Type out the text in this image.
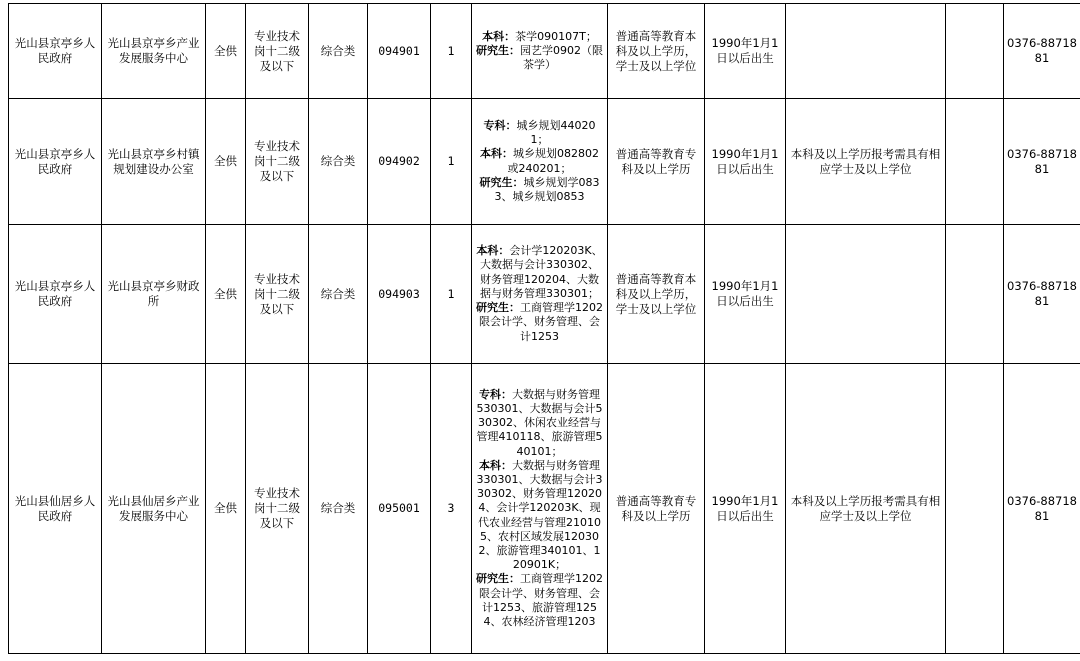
光山县京亭乡人民政府	光山县京亭乡产业发展服务中心	全供	专业技术岗十二级及以下	综合类	094901	1	本科：茶学090107T；
研究生：园艺学0902（限茶学）	普通高等教育本科及以上学历，学士及以上学位	1990年1月1日以后出生			0376-8871881
光山县京亭乡人民政府	光山县京亭乡村镇规划建设办公室	全供	专业技术岗十二级及以下	综合类	094902	1	专科：城乡规划440201；
本科：城乡规划082802或240201；
研究生：城乡规划学0833、城乡规划0853	普通高等教育专科及以上学历	1990年1月1日以后出生	本科及以上学历报考需具有相应学士及以上学位		0376-8871881
光山县京亭乡人民政府	光山县京亭乡财政所	全供	专业技术岗十二级及以下	综合类	094903	1	本科：会计学120203K、大数据与会计330302、财务管理120204、大数据与财务管理330301；
研究生：工商管理学1202限会计学、财务管理、会计1253	普通高等教育本科及以上学历，学士及以上学位	1990年1月1日以后出生			0376-8871881
光山县仙居乡人民政府	光山县仙居乡产业发展服务中心	全供	专业技术岗十二级及以下	综合类	095001	3	专科：大数据与财务管理530301、大数据与会计530302、休闲农业经营与管理410118、旅游管理540101；
本科：大数据与财务管理330301、大数据与会计330302、财务管理120204、会计学120203K、现代农业经营与管理210105、农村区域发展120302、旅游管理340101、120901K；
研究生：工商管理学1202限会计学、财务管理、会计1253、旅游管理1254、农林经济管理1203	普通高等教育专科及以上学历	1990年1月1日以后出生	本科及以上学历报考需具有相应学士及以上学位		0376-8871881
